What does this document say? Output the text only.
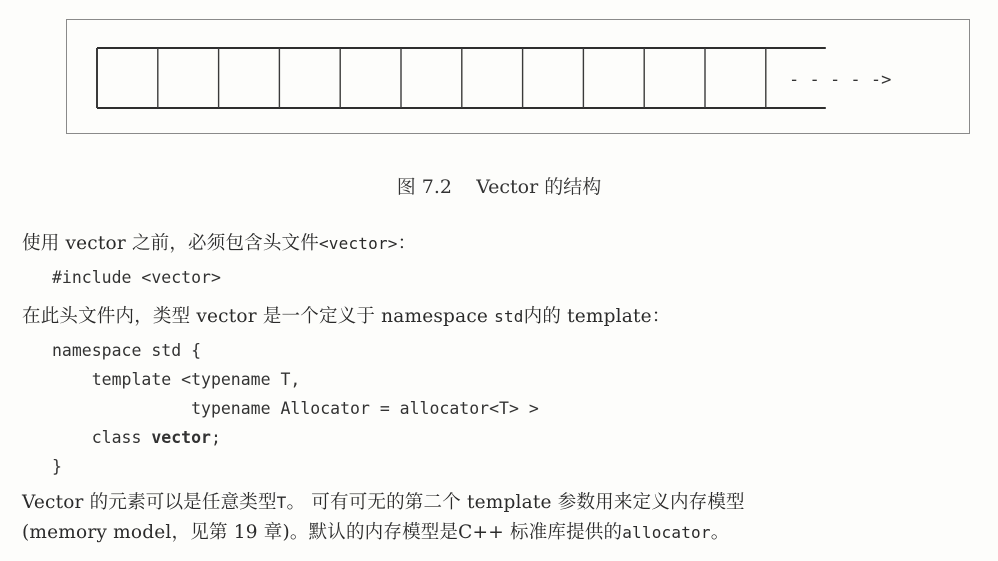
- - - - ->
图 7.2 Vector 的结构
使用 vector 之前，必须包含头文件<vector>：
#include <vector>
在此头文件内，类型 vector 是一个定义于 namespace std内的 template：
namespace std {
template <typename T,
typename Allocator = allocator<T> >
class vector;
}
Vector 的元素可以是任意类型T。 可有可无的第二个 template 参数用来定义内存模型
(memory model，见第 19 章)。默认的内存模型是C++ 标准库提供的allocator。
